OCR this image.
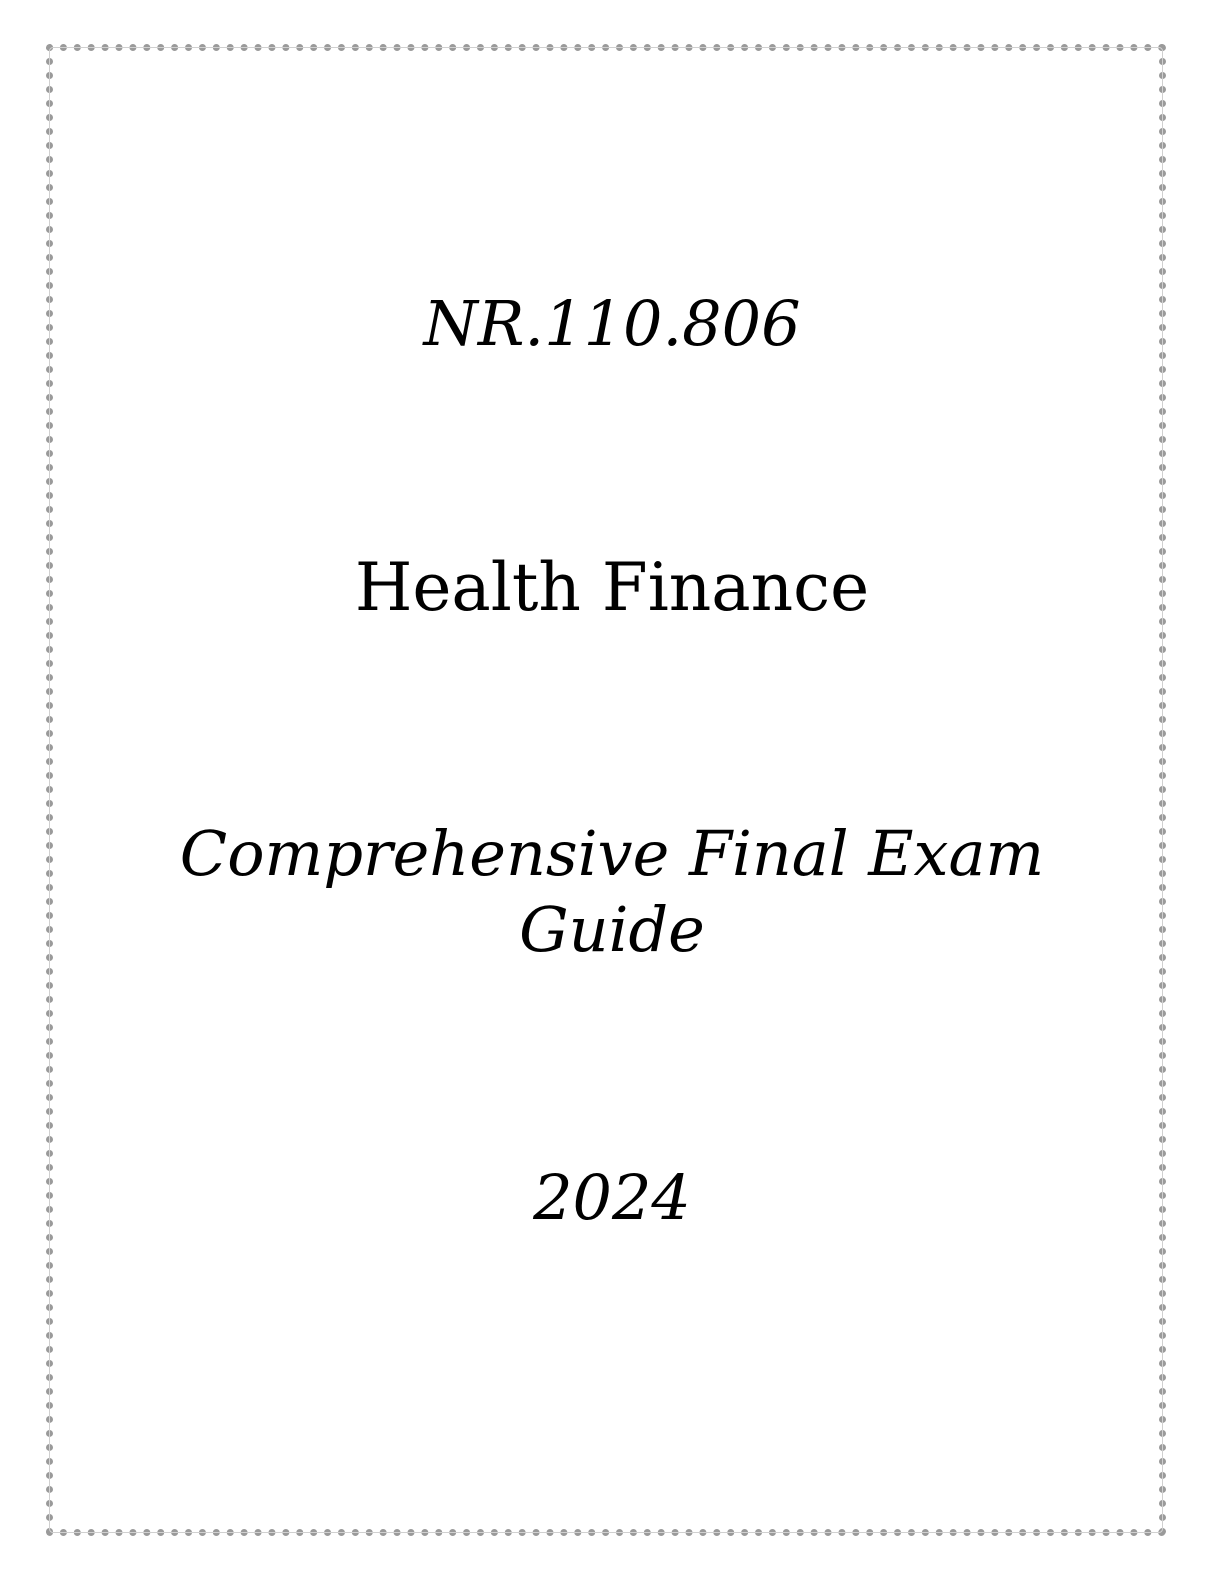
NR.110.806
Health Finance
Comprehensive Final Exam
Guide
2024
